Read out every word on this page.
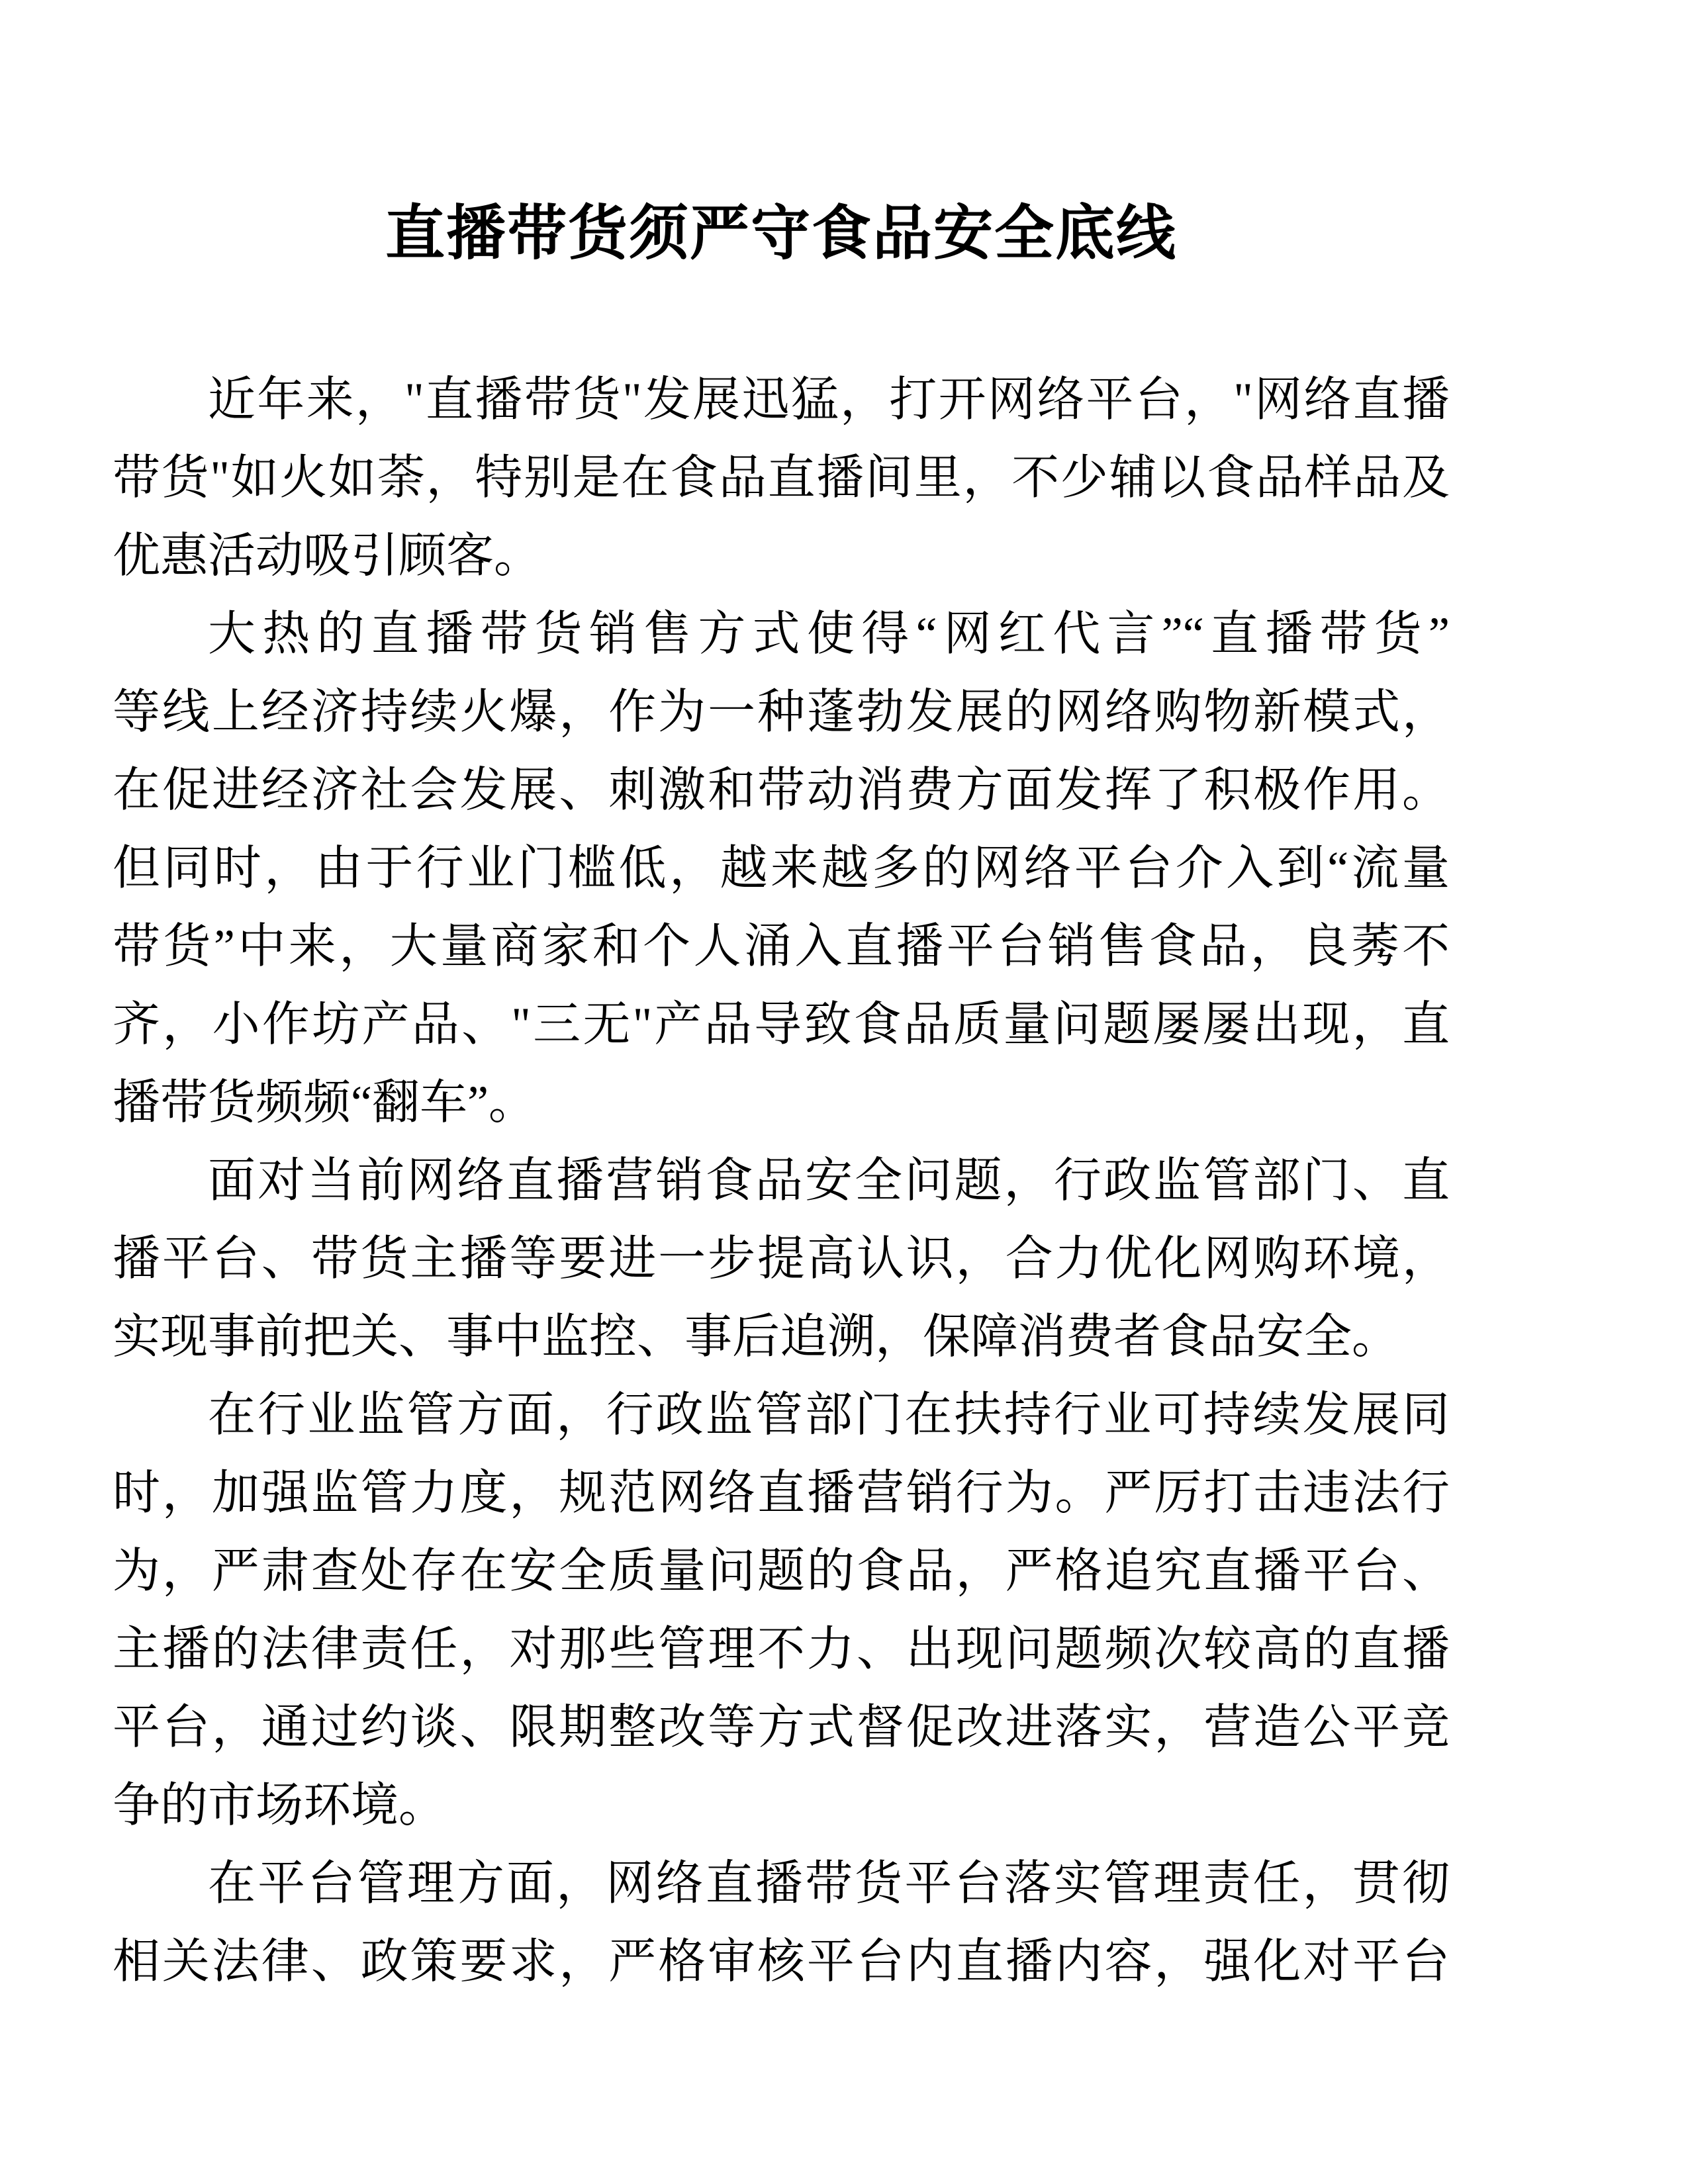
直播带货须严守食品安全底线
近年来，"直播带货"发展迅猛，打开网络平台，"网络直播
带货"如火如荼，特别是在食品直播间里，不少辅以食品样品及
优惠活动吸引顾客。
大热的直播带货销售方式使得“网红代言”“直播带货”
等线上经济持续火爆，作为一种蓬勃发展的网络购物新模式，
在促进经济社会发展、刺激和带动消费方面发挥了积极作用。
但同时，由于行业门槛低，越来越多的网络平台介入到“流量
带货”中来，大量商家和个人涌入直播平台销售食品，良莠不
齐，小作坊产品、"三无"产品导致食品质量问题屡屡出现，直
播带货频频“翻车”。
面对当前网络直播营销食品安全问题，行政监管部门、直
播平台、带货主播等要进一步提高认识，合力优化网购环境，
实现事前把关、事中监控、事后追溯，保障消费者食品安全。
在行业监管方面，行政监管部门在扶持行业可持续发展同
时，加强监管力度，规范网络直播营销行为。严厉打击违法行
为，严肃查处存在安全质量问题的食品，严格追究直播平台、
主播的法律责任，对那些管理不力、出现问题频次较高的直播
平台，通过约谈、限期整改等方式督促改进落实，营造公平竞
争的市场环境。
在平台管理方面，网络直播带货平台落实管理责任，贯彻
相关法律、政策要求，严格审核平台内直播内容，强化对平台
